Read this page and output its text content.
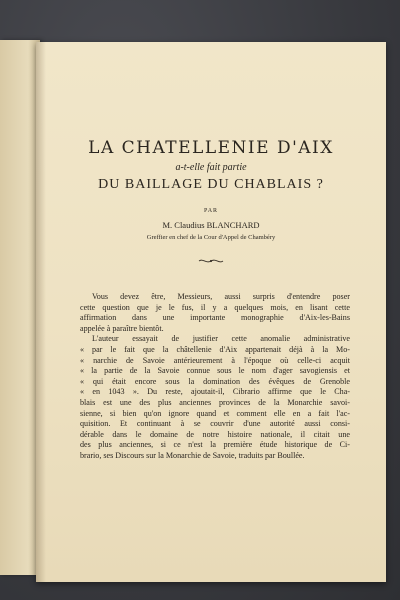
LA CHATELLENIE D'AIX
a-t-elle fait partie
DU BAILLAGE DU CHABLAIS ?
PAR
M. Claudius BLANCHARD
Greffier en chef de la Cour d'Appel de Chambéry
Vous devez être, Messieurs, aussi surpris d'entendre poser
cette question que je le fus, il y a quelques mois, en lisant cette
affirmation dans une importante monographie d'Aix-les-Bains
appelée à paraître bientôt.
L'auteur essayait de justifier cette anomalie administrative
« par le fait que la châtellenie d'Aix appartenait déjà à la Mo-
« narchie de Savoie antérieurement à l'époque où celle-ci acquit
« la partie de la Savoie connue sous le nom d'ager savogiensis et
« qui était encore sous la domination des évêques de Grenoble
« en 1043 ». Du reste, ajoutait-il, Cibrario affirme que le Cha-
blais est une des plus anciennes provinces de la Monarchie savoi-
sienne, si bien qu'on ignore quand et comment elle en a fait l'ac-
quisition. Et continuant à se couvrir d'une autorité aussi consi-
dérable dans le domaine de notre histoire nationale, il citait une
des plus anciennes, si ce n'est la première étude historique de Ci-
brario, ses Discours sur la Monarchie de Savoie, traduits par Boullée.
